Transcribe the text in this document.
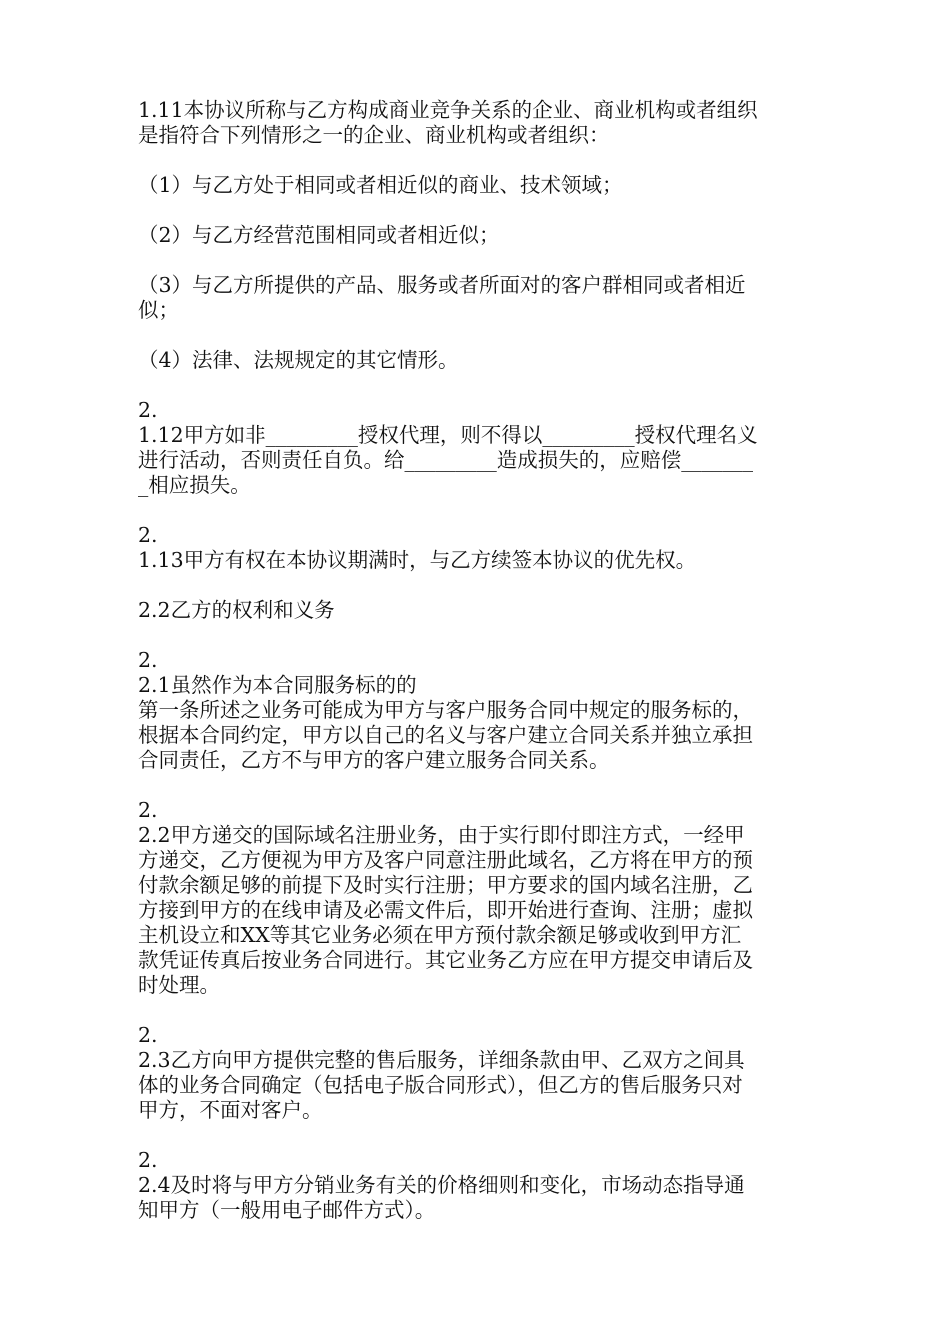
1.11本协议所称与乙方构成商业竞争关系的企业、商业机构或者组织
是指符合下列情形之一的企业、商业机构或者组织：
（1）与乙方处于相同或者相近似的商业、技术领域；
（2）与乙方经营范围相同或者相近似；
（3）与乙方所提供的产品、服务或者所面对的客户群相同或者相近
似；
（4）法律、法规规定的其它情形。
2.
1.12甲方如非_________授权代理，则不得以_________授权代理名义
进行活动，否则责任自负。给_________造成损失的，应赔偿_______
_相应损失。
2.
1.13甲方有权在本协议期满时，与乙方续签本协议的优先权。
2.2乙方的权利和义务
2.
2.1虽然作为本合同服务标的的
第一条所述之业务可能成为甲方与客户服务合同中规定的服务标的，
根据本合同约定，甲方以自己的名义与客户建立合同关系并独立承担
合同责任，乙方不与甲方的客户建立服务合同关系。
2.
2.2甲方递交的国际域名注册业务，由于实行即付即注方式，一经甲
方递交，乙方便视为甲方及客户同意注册此域名，乙方将在甲方的预
付款余额足够的前提下及时实行注册；甲方要求的国内域名注册，乙
方接到甲方的在线申请及必需文件后，即开始进行查询、注册；虚拟
主机设立和XX等其它业务必须在甲方预付款余额足够或收到甲方汇
款凭证传真后按业务合同进行。其它业务乙方应在甲方提交申请后及
时处理。
2.
2.3乙方向甲方提供完整的售后服务，详细条款由甲、乙双方之间具
体的业务合同确定（包括电子版合同形式），但乙方的售后服务只对
甲方，不面对客户。
2.
2.4及时将与甲方分销业务有关的价格细则和变化，市场动态指导通
知甲方（一般用电子邮件方式）。
